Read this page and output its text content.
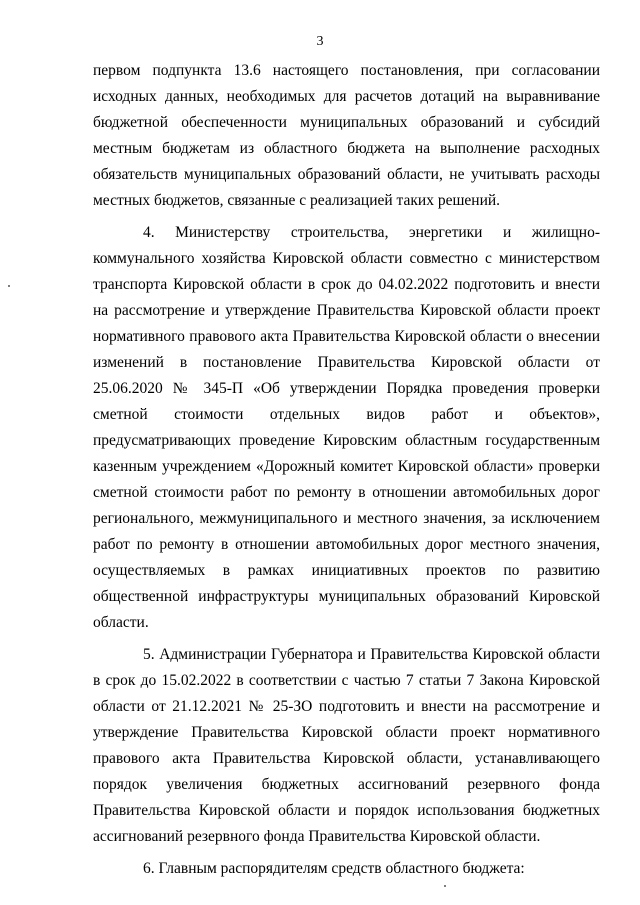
3

первом подпункта 13.6 настоящего постановления, при согласовании исходных данных, необходимых для расчетов дотаций на выравнивание бюджетной обеспеченности муниципальных образований и субсидий местным бюджетам из областного бюджета на выполнение расходных обязательств муниципальных образований области, не учитывать расходы местных бюджетов, связанные с реализацией таких решений.

4. Министерству строительства, энергетики и жилищно-коммунального хозяйства Кировской области совместно с министерством транспорта Кировской области в срок до 04.02.2022 подготовить и внести на рассмотрение и утверждение Правительства Кировской области проект нормативного правового акта Правительства Кировской области о внесении изменений в постановление Правительства Кировской области от 25.06.2020 № 345-П «Об утверждении Порядка проведения проверки сметной стоимости отдельных видов работ и объектов», предусматривающих проведение Кировским областным государственным казенным учреждением «Дорожный комитет Кировской области» проверки сметной стоимости работ по ремонту в отношении автомобильных дорог регионального, межмуниципального и местного значения, за исключением работ по ремонту в отношении автомобильных дорог местного значения, осуществляемых в рамках инициативных проектов по развитию общественной инфраструктуры муниципальных образований Кировской области.

5. Администрации Губернатора и Правительства Кировской области в срок до 15.02.2022 в соответствии с частью 7 статьи 7 Закона Кировской области от 21.12.2021 № 25-ЗО подготовить и внести на рассмотрение и утверждение Правительства Кировской области проект нормативного правового акта Правительства Кировской области, устанавливающего порядок увеличения бюджетных ассигнований резервного фонда Правительства Кировской области и порядок использования бюджетных ассигнований резервного фонда Правительства Кировской области.

6. Главным распорядителям средств областного бюджета:
